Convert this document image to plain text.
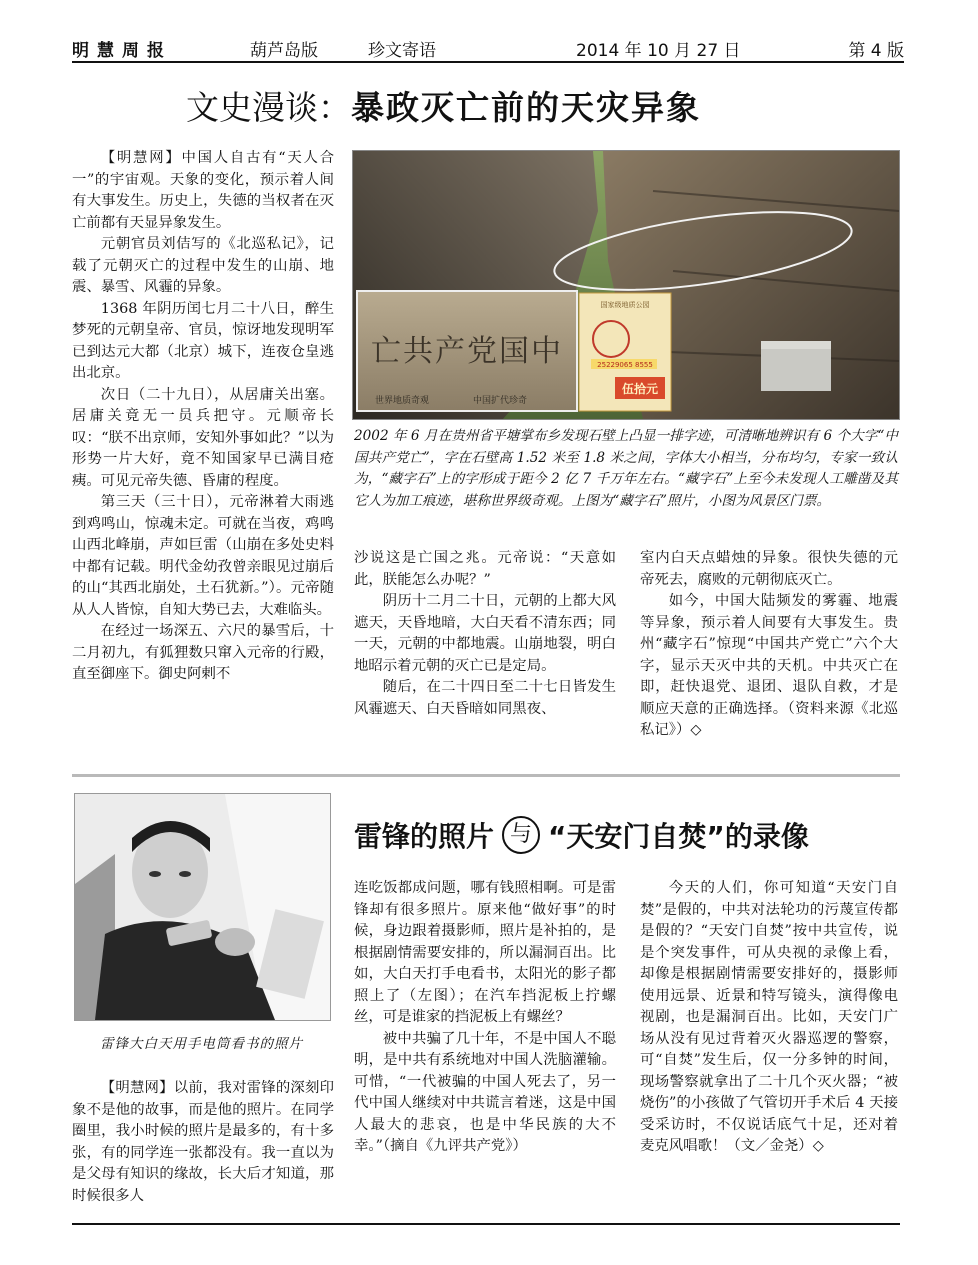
明慧周报	葫芦岛版	珍文寄语	2014 年 10 月 27 日	第 4 版
文史漫谈：暴政灭亡前的天灾异象

【明慧网】中国人自古有“天人合一”的宇宙观。天象的变化，预示着人间有大事发生。历史上，失德的当权者在灭亡前都有天显异象发生。

元朝官员刘佶写的《北巡私记》，记载了元朝灭亡的过程中发生的山崩、地震、暴雪、风霾的异象。

1368 年阴历闰七月二十八日，醉生梦死的元朝皇帝、官员，惊讶地发现明军已到达元大都（北京）城下，连夜仓皇逃出北京。

次日（二十九日），从居庸关出塞。居庸关竟无一员兵把守。元顺帝长叹：“朕不出京师，安知外事如此？”以为形势一片大好，竟不知国家早已满目疮痍。可见元帝失德、昏庸的程度。

第三天（三十日），元帝淋着大雨逃到鸡鸣山，惊魂未定。可就在当夜，鸡鸣山西北峰崩，声如巨雷（山崩在多处史料中都有记载。明代金幼孜曾亲眼见过崩后的山“其西北崩处，土石犹新。”）。元帝随从人人皆惊，自知大势已去，大难临头。

在经过一场深五、六尺的暴雪后，十二月初九，有狐狸数只窜入元帝的行殿，直至御座下。御史阿剌不

亡共产党国中
世界地质奇观	中国扩代珍奇
国家级地质公园
25229065 8555
伍拾元
2002 年 6 月在贵州省平塘掌布乡发现石壁上凸显一排字迹，可清晰地辨识有 6 个大字“中国共产党亡”，字在石壁高 1.52 米至 1.8 米之间，字体大小相当，分布均匀，专家一致认为，“藏字石”上的字形成于距今 2 亿 7 千万年左右。“藏字石”上至今未发现人工雕凿及其它人为加工痕迹，堪称世界级奇观。上图为“藏字石”照片，小图为风景区门票。

沙说这是亡国之兆。元帝说：“天意如此，朕能怎么办呢？”

阴历十二月二十日，元朝的上都大风遮天，天昏地暗，大白天看不清东西；同一天，元朝的中都地震。山崩地裂，明白地昭示着元朝的灭亡已是定局。

随后，在二十四日至二十七日皆发生风霾遮天、白天昏暗如同黑夜、

室内白天点蜡烛的异象。很快失德的元帝死去，腐败的元朝彻底灭亡。

如今，中国大陆频发的雾霾、地震等异象，预示着人间要有大事发生。贵州“藏字石”惊现“中国共产党亡”六个大字，显示天灭中共的天机。中共灭亡在即，赶快退党、退团、退队自救，才是顺应天意的正确选择。（资料来源《北巡私记》）◇

雷锋大白天用手电筒看书的照片
雷锋的照片 与 “天安门自焚”的录像

【明慧网】以前，我对雷锋的深刻印象不是他的故事，而是他的照片。在同学圈里，我小时候的照片是最多的，有十多张，有的同学连一张都没有。我一直以为是父母有知识的缘故，长大后才知道，那时候很多人

连吃饭都成问题，哪有钱照相啊。可是雷锋却有很多照片。原来他“做好事”的时候，身边跟着摄影师，照片是补拍的，是根据剧情需要安排的，所以漏洞百出。比如，大白天打手电看书，太阳光的影子都照上了（左图）；在汽车挡泥板上拧螺丝，可是谁家的挡泥板上有螺丝？

被中共骗了几十年，不是中国人不聪明，是中共有系统地对中国人洗脑灌输。可惜，“一代被骗的中国人死去了，另一代中国人继续对中共谎言着迷，这是中国人最大的悲哀，也是中华民族的大不幸。”（摘自《九评共产党》）

今天的人们，你可知道“天安门自焚”是假的，中共对法轮功的污蔑宣传都是假的？“天安门自焚”按中共宣传，说是个突发事件，可从央视的录像上看，却像是根据剧情需要安排好的，摄影师使用远景、近景和特写镜头，演得像电视剧，也是漏洞百出。比如，天安门广场从没有见过背着灭火器巡逻的警察，可“自焚”发生后，仅一分多钟的时间，现场警察就拿出了二十几个灭火器；“被烧伤”的小孩做了气管切开手术后 4 天接受采访时，不仅说话底气十足，还对着麦克风唱歌！（文／金尧）◇
